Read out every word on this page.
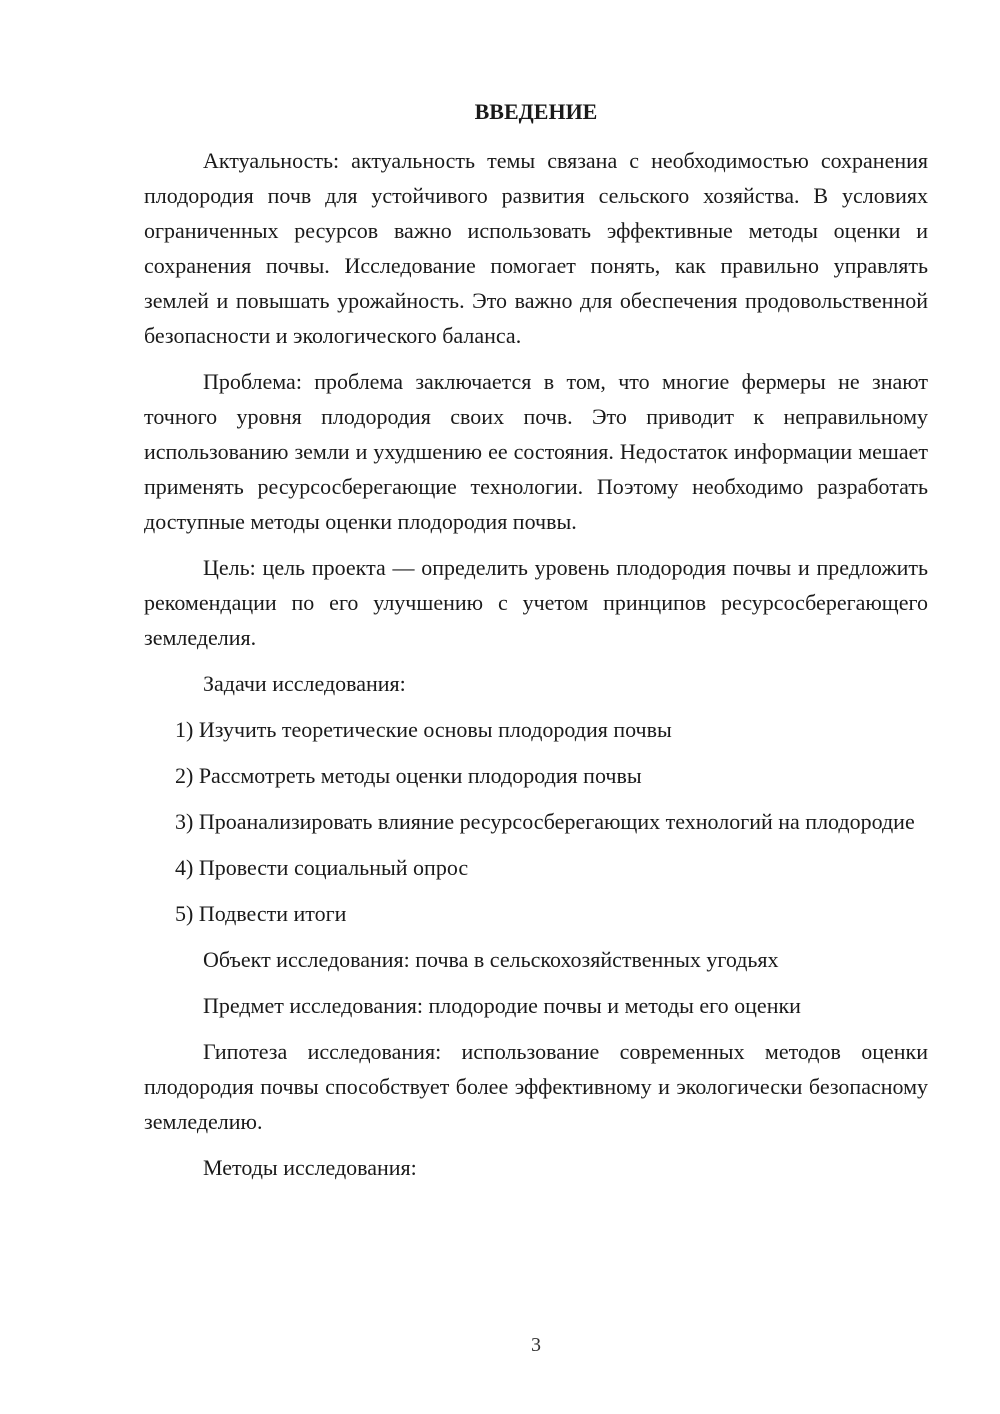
ВВЕДЕНИЕ

Актуальность: актуальность темы связана с необходимостью сохранения плодородия почв для устойчивого развития сельского хозяйства. В условиях ограниченных ресурсов важно использовать эффективные методы оценки и сохранения почвы. Исследование помогает понять, как правильно управлять землей и повышать урожайность. Это важно для обеспечения продовольственной безопасности и экологического баланса.

Проблема: проблема заключается в том, что многие фермеры не знают точного уровня плодородия своих почв. Это приводит к неправильному использованию земли и ухудшению ее состояния. Недостаток информации мешает применять ресурсосберегающие технологии. Поэтому необходимо разработать доступные методы оценки плодородия почвы.

Цель: цель проекта — определить уровень плодородия почвы и предложить рекомендации по его улучшению с учетом принципов ресурсосберегающего земледелия.

Задачи исследования:

1) Изучить теоретические основы плодородия почвы

2) Рассмотреть методы оценки плодородия почвы

3) Проанализировать влияние ресурсосберегающих технологий на плодородие

4) Провести социальный опрос

5) Подвести итоги

Объект исследования: почва в сельскохозяйственных угодьях

Предмет исследования: плодородие почвы и методы его оценки

Гипотеза исследования: использование современных методов оценки плодородия почвы способствует более эффективному и экологически безопасному земледелию.

Методы исследования:

3
